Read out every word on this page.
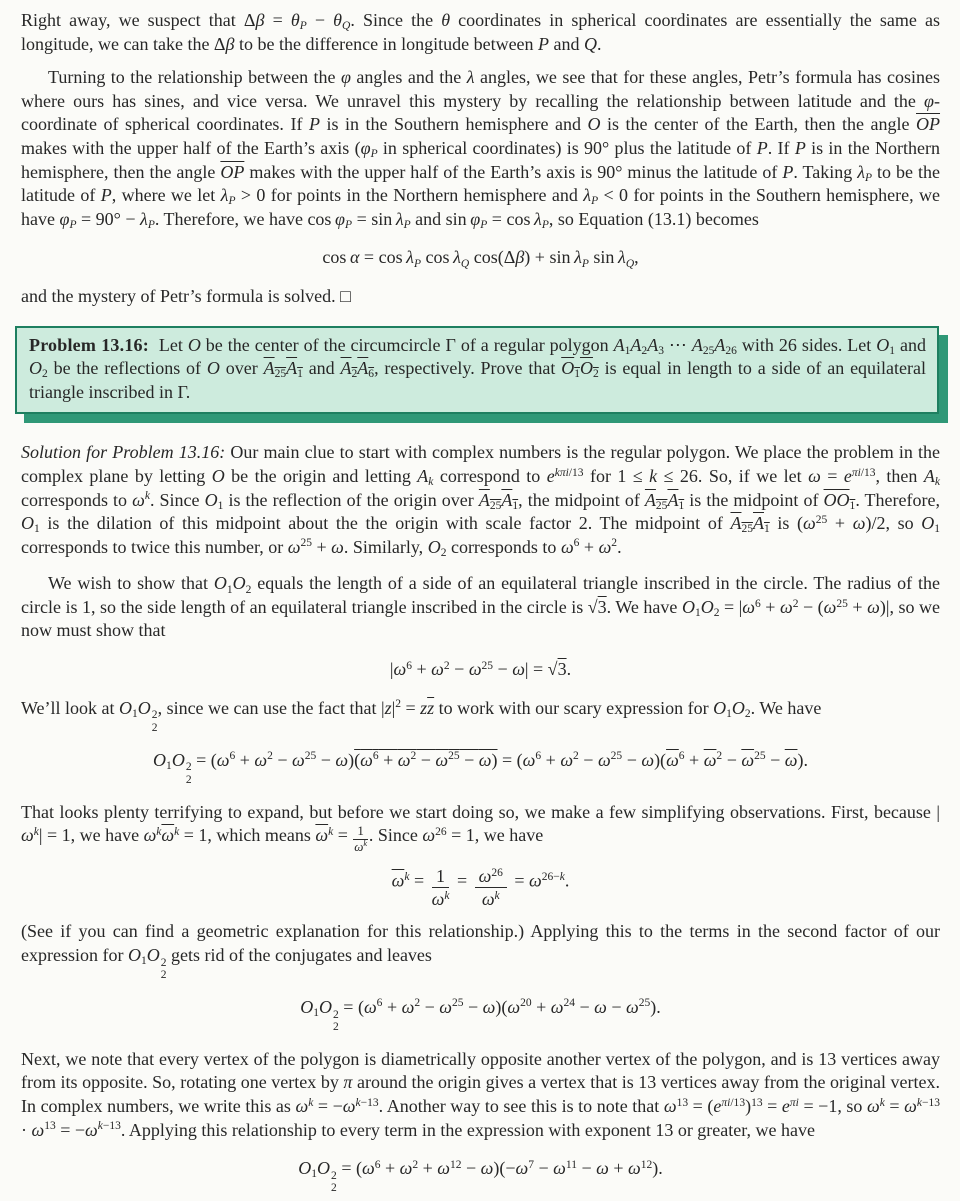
Right away, we suspect that $\Delta\beta = \theta_P - \theta_Q$. Since the θ coordinates in spherical coordinates are essentially the same as longitude, we can take the Δβ to be the difference in longitude between P and Q.

Turning to the relationship between the φ angles and the λ angles, we see that for these angles, Petr’s formula has cosines where ours has sines, and vice versa. We unravel this mystery by recalling the relationship between latitude and the φ-coordinate of spherical coordinates. If P is in the Southern hemisphere and O is the center of the Earth, then the angle $\overline{OP}$ makes with the upper half of the Earth’s axis ($\varphi_P$ in spherical coordinates) is 90° plus the latitude of P. If P is in the Northern hemisphere, then the angle $\overline{OP}$ makes with the upper half of the Earth’s axis is 90° minus the latitude of P. Taking $\lambda_P$ to be the latitude of P, where we let $\lambda_P > 0$ for points in the Northern hemisphere and $\lambda_P < 0$ for points in the Southern hemisphere, we have $\varphi_P = 90^\circ - \lambda_P$. Therefore, we have $\cos \varphi_P = \sin \lambda_P$ and $\sin \varphi_P = \cos \lambda_P$, so Equation (13.1) becomes

$\cos \alpha = \cos \lambda_P$ $\cos \lambda_Q$ $\cos(\Delta\beta) + \sin \lambda_P$ $\sin \lambda_Q$,

and the mystery of Petr’s formula is solved. □

Problem 13.16:  Let O be the center of the circumcircle Γ of a regular polygon $A_1A_2A_3$ ⋯ $A_{25}A_{26}$ with 26 sides. Let $O_1$ and $O_2$ be the reflections of O over $A_{25}A_1$ and $A_2A_6$, respectively. Prove that $O_1O_2$ is equal in length to a side of an equilateral triangle inscribed in Γ.

Solution for Problem 13.16: Our main clue to start with complex numbers is the regular polygon. We place the problem in the complex plane by letting O be the origin and letting $A_k$ correspond to $e^{k\pi i/13}$ for 1 ≤ k ≤ 26. So, if we let $\omega = e^{\pi i/13}$, then $A_k$ corresponds to $\omega^k$. Since $O_1$ is the reflection of the origin over $A_{25}A_1$, the midpoint of $A_{25}A_1$ is the midpoint of $OO_1$. Therefore, $O_1$ is the dilation of this midpoint about the the origin with scale factor 2. The midpoint of $A_{25}A_1$ is $(\omega^{25} + \omega)/2$, so $O_1$ corresponds to twice this number, or $\omega^{25} + \omega$. Similarly, $O_2$ corresponds to $\omega^6 + \omega^2$.

We wish to show that $O_1O_2$ equals the length of a side of an equilateral triangle inscribed in the circle. The radius of the circle is 1, so the side length of an equilateral triangle inscribed in the circle is √3. We have $O_1O_2 = |\omega^6 + \omega^2 - (\omega^{25} + \omega)|$, so we now must show that

$|\omega^6 + \omega^2 - \omega^{25} - \omega| = √3$.

We’ll look at $O_1O$ 2
2
, since we can use the fact that $|z|^2 = z\overline{z}$ to work with our scary expression for $O_1O_2$. We have

$O_1O$ 2
2
= $(\omega^6 + \omega^2 - \omega^{25} - \omega)(\omega^6 + \omega^2 - \omega^{25} - \omega) = (\omega^6 + \omega^2 - \omega^{25} - \omega)(\overline{\omega}^6 + \overline{\omega}^2 - \overline{\omega}^{25} - \overline{\omega})$.

That looks plenty terrifying to expand, but before we start doing so, we make a few simplifying observations. First, because $|\omega^k| = 1$, we have $\omega^k\overline{\omega}^k = 1$, which means $\overline{\omega}^k = \frac{1}{\omega^k}$ . Since $\omega^{26} = 1$, we have

$\overline{\omega}^k = \frac{1}{\omega^k} = \frac{\omega^{26}}{\omega^k} = \omega^{26-k}$.

(See if you can find a geometric explanation for this relationship.) Applying this to the terms in the second factor of our expression for $O_1O$ 2
2
gets rid of the conjugates and leaves

$O_1O$ 2
2
= $(\omega^6 + \omega^2 - \omega^{25} - \omega)(\omega^{20} + \omega^{24} - \omega - \omega^{25})$.

Next, we note that every vertex of the polygon is diametrically opposite another vertex of the polygon, and is 13 vertices away from its opposite. So, rotating one vertex by π around the origin gives a vertex that is 13 vertices away from the original vertex. In complex numbers, we write this as $\omega^k = -\omega^{k-13}$. Another way to see this is to note that $\omega^{13} = (e^{\pi i/13})^{13} = e^{\pi i} = -1$, so $\omega^k = \omega^{k-13} \cdot \omega^{13} = -\omega^{k-13}$. Applying this relationship to every term in the expression with exponent 13 or greater, we have

$O_1O$ 2
2
= $(\omega^6 + \omega^2 + \omega^{12} - \omega)(-\omega^7 - \omega^{11} - \omega + \omega^{12})$.
